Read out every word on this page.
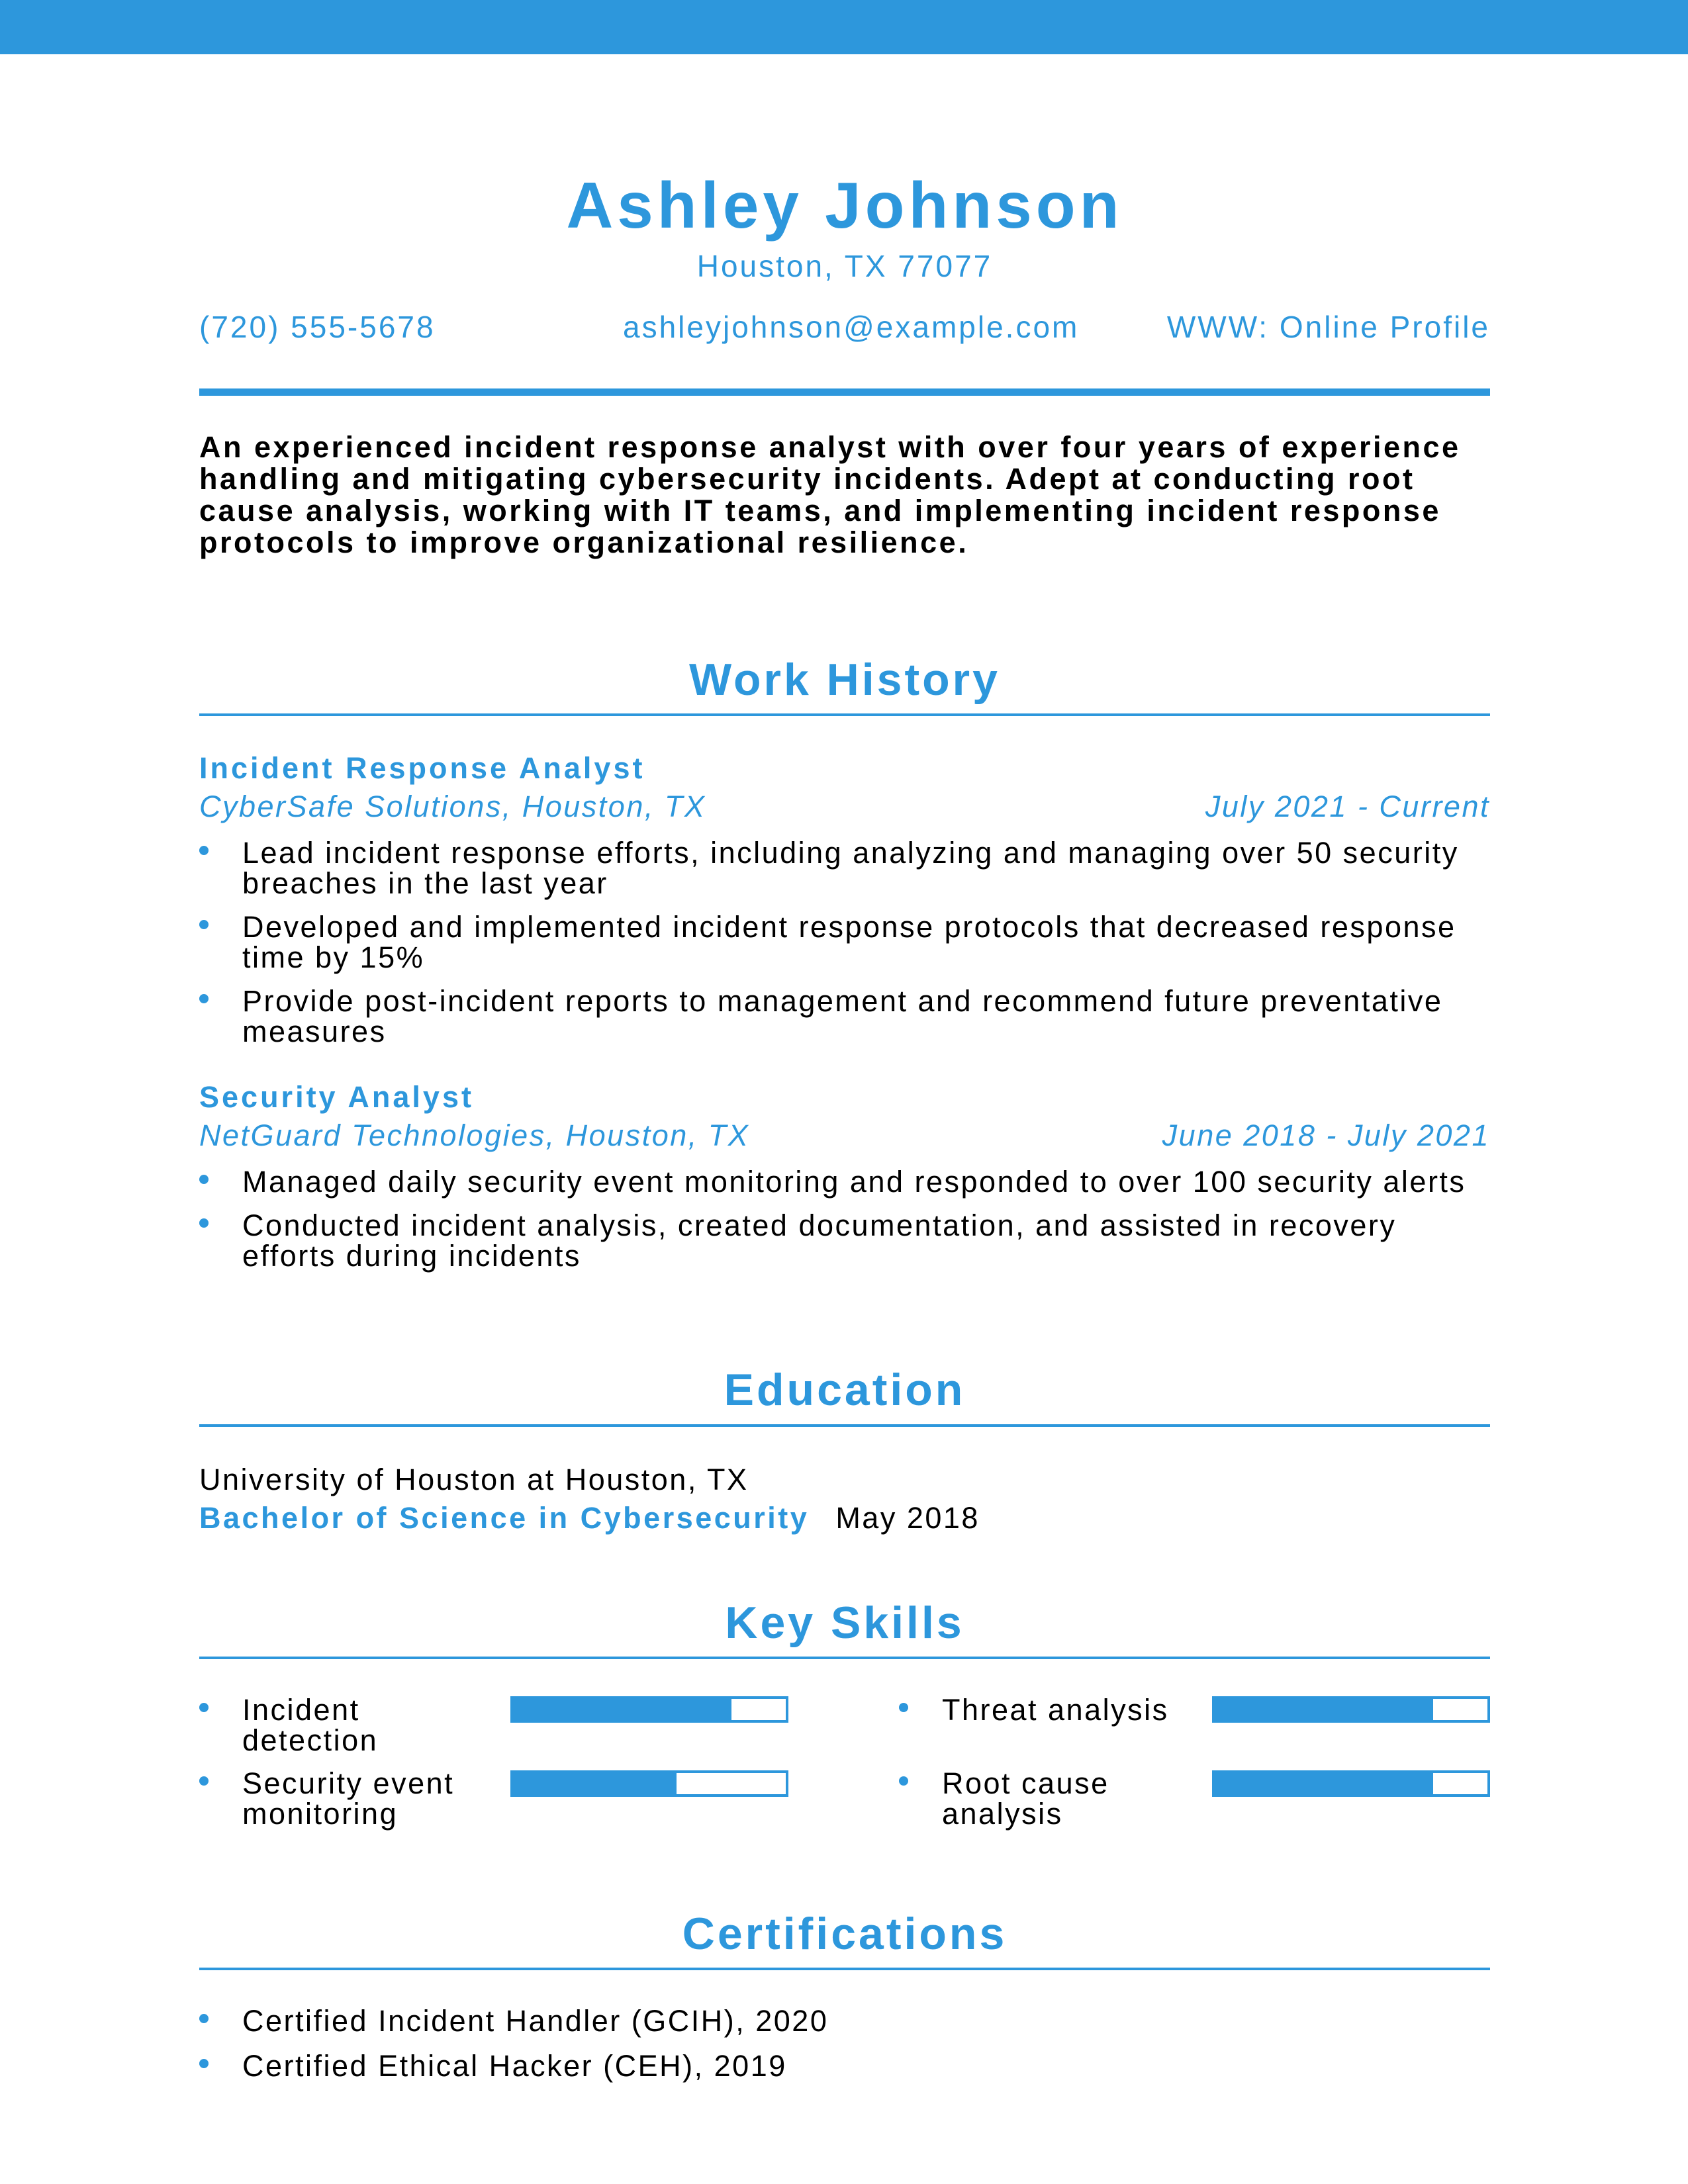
Ashley Johnson
Houston, TX 77077
(720) 555-5678	ashleyjohnson@example.com	WWW: Online Profile
An experienced incident response analyst with over four years of experience handling and mitigating cybersecurity incidents. Adept at conducting root cause analysis, working with IT teams, and implementing incident response protocols to improve organizational resilience.
Work History
Incident Response Analyst
CyberSafe Solutions, Houston, TX	July 2021 - Current
Lead incident response efforts, including analyzing and managing over 50 security breaches in the last year
Developed and implemented incident response protocols that decreased response time by 15%
Provide post-incident reports to management and recommend future preventative measures
Security Analyst
NetGuard Technologies, Houston, TX	June 2018 - July 2021
Managed daily security event monitoring and responded to over 100 security alerts
Conducted incident analysis, created documentation, and assisted in recovery efforts during incidents
Education
University of Houston at Houston, TX
Bachelor of Science in Cybersecurity May 2018
Key Skills
Incident detection
Threat analysis
Security event monitoring
Root cause analysis
Certifications
Certified Incident Handler (GCIH), 2020
Certified Ethical Hacker (CEH), 2019
